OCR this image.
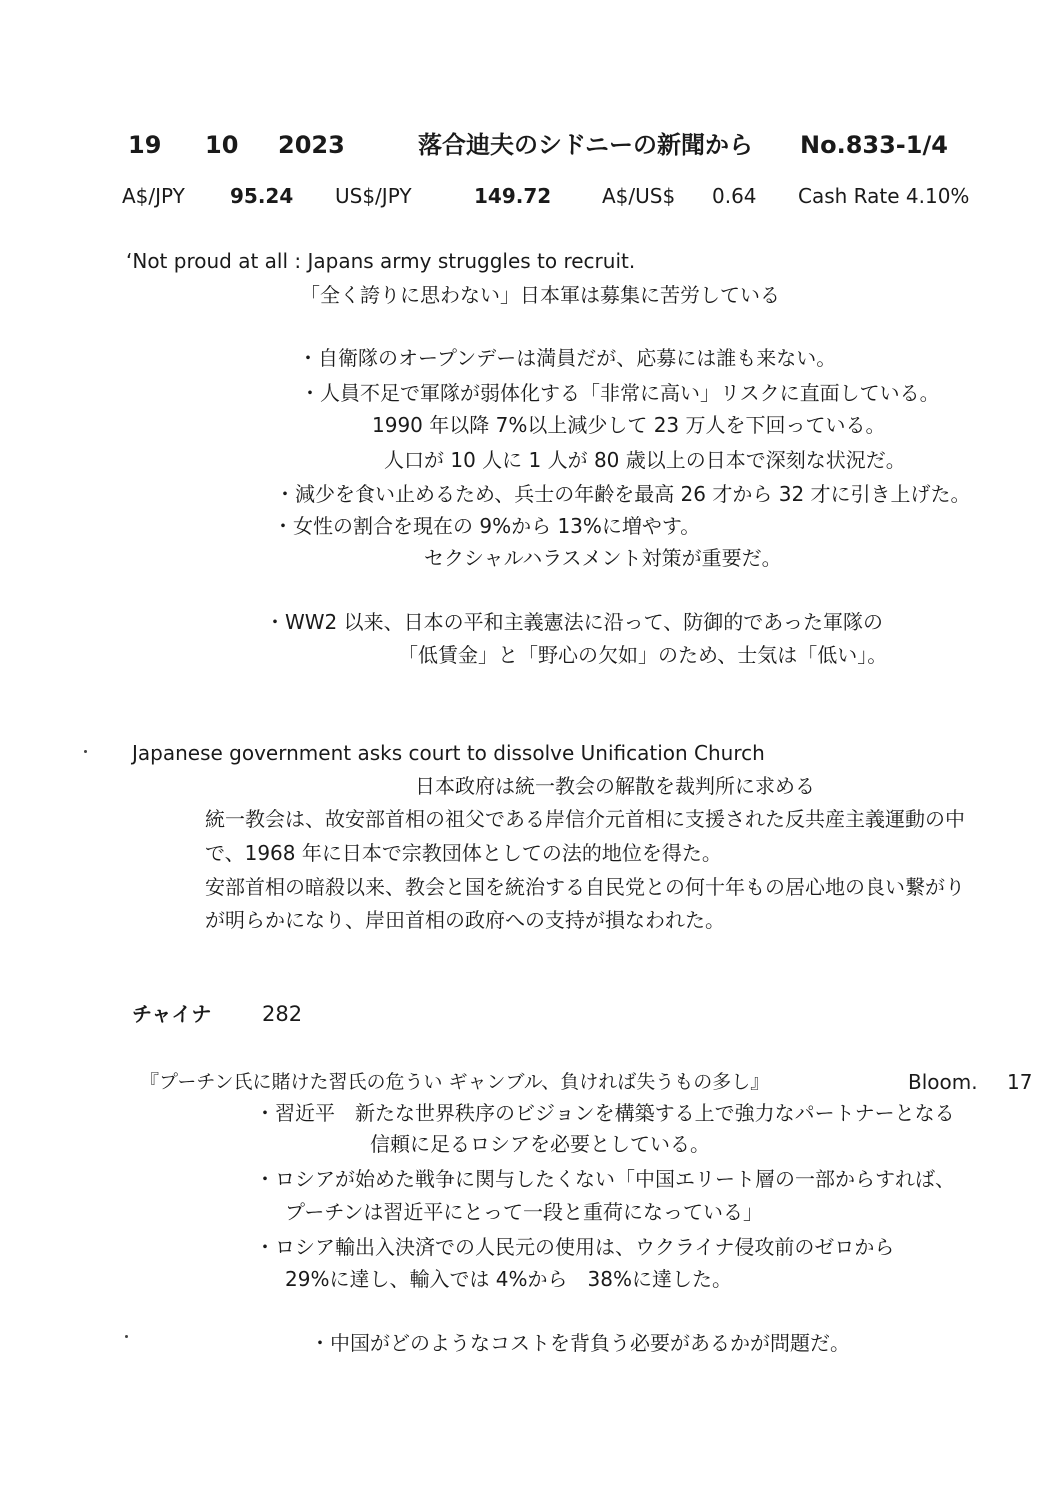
19 10 2023	落合迪夫のシドニーの新聞から No.833-1/4
A$/JPY 95.24 US$/JPY	149.72	A$/US$ 0.64 Cash Rate 4.10%
‘Not proud at all : Japans army struggles to recruit.
「全く誇りに思わない」日本軍は募集に苦労している
・自衛隊のオープンデーは満員だが、応募には誰も来ない。
・人員不足で軍隊が弱体化する「非常に高い」リスクに直面している。
1990 年以降 7%以上減少して 23 万人を下回っている。
人口が 10 人に 1 人が 80 歳以上の日本で深刻な状況だ。
・減少を食い止めるため、兵士の年齢を最高 26 才から 32 才に引き上げた。
・女性の割合を現在の 9%から 13%に増やす。
セクシャルハラスメント対策が重要だ。
・WW2 以来、日本の平和主義憲法に沿って、防御的であった軍隊の
「低賃金」と「野心の欠如」のため、士気は「低い」。
Japanese government asks court to dissolve Unification Church
日本政府は統一教会の解散を裁判所に求める
統一教会は、故安部首相の祖父である岸信介元首相に支援された反共産主義運動の中
で、1968 年に日本で宗教団体としての法的地位を得た。
安部首相の暗殺以来、教会と国を統治する自民党との何十年もの居心地の良い繋がり
が明らかになり、岸田首相の政府への支持が損なわれた。
チャイナ 282
『プーチン氏に賭けた習氏の危うい ギャンブル、負ければ失うもの多し』	Bloom. 17
・習近平　新たな世界秩序のビジョンを構築する上で強力なパートナーとなる
信頼に足るロシアを必要としている。
・ロシアが始めた戦争に関与したくない「中国エリート層の一部からすれば、
プーチンは習近平にとって一段と重荷になっている」
・ロシア輸出入決済での人民元の使用は、ウクライナ侵攻前のゼロから
29%に達し、輸入では 4%から　38%に達した。
・中国がどのようなコストを背負う必要があるかが問題だ。
